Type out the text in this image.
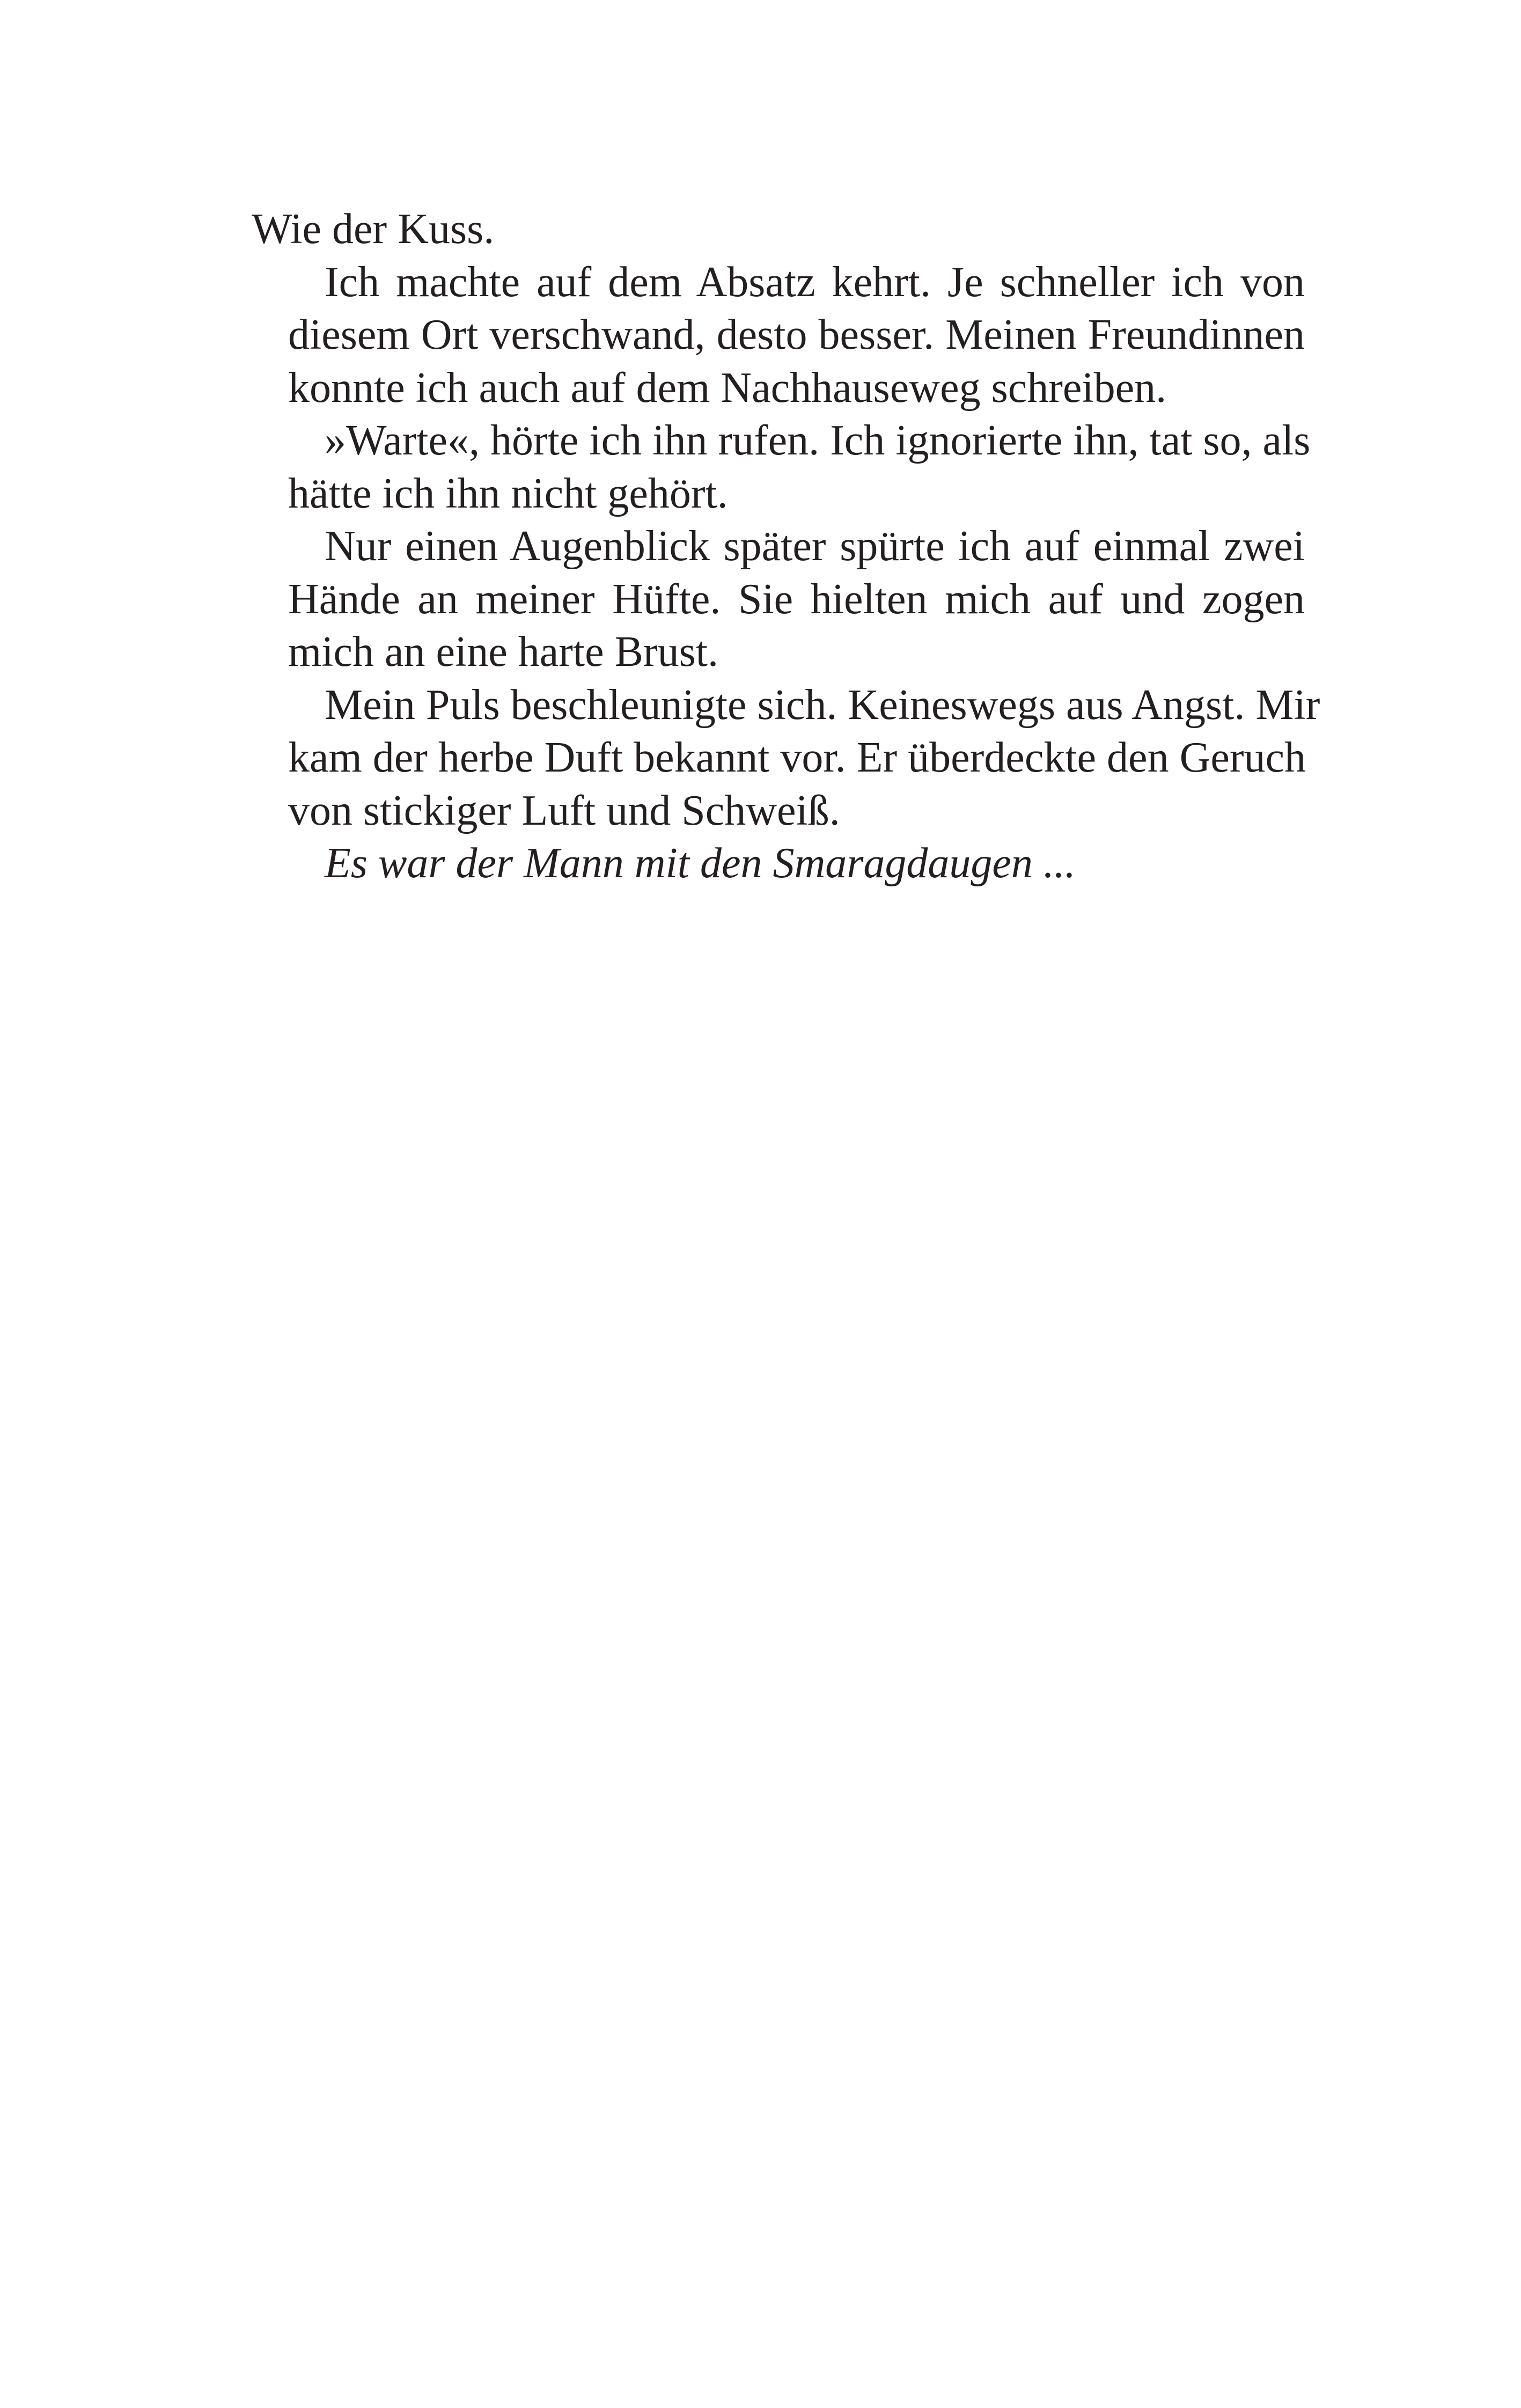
Wie der Kuss.

Ich machte auf dem Absatz kehrt. Je schneller ich von
diesem Ort verschwand, desto besser. Meinen Freundinnen
konnte ich auch auf dem Nachhauseweg schreiben.

»Warte«, hörte ich ihn rufen. Ich ignorierte ihn, tat so, als
hätte ich ihn nicht gehört.

Nur einen Augenblick später spürte ich auf einmal zwei
Hände an meiner Hüfte. Sie hielten mich auf und zogen
mich an eine harte Brust.

Mein Puls beschleunigte sich. Keineswegs aus Angst. Mir
kam der herbe Duft bekannt vor. Er überdeckte den Geruch
von stickiger Luft und Schweiß.

Es war der Mann mit den Smaragdaugen ...
